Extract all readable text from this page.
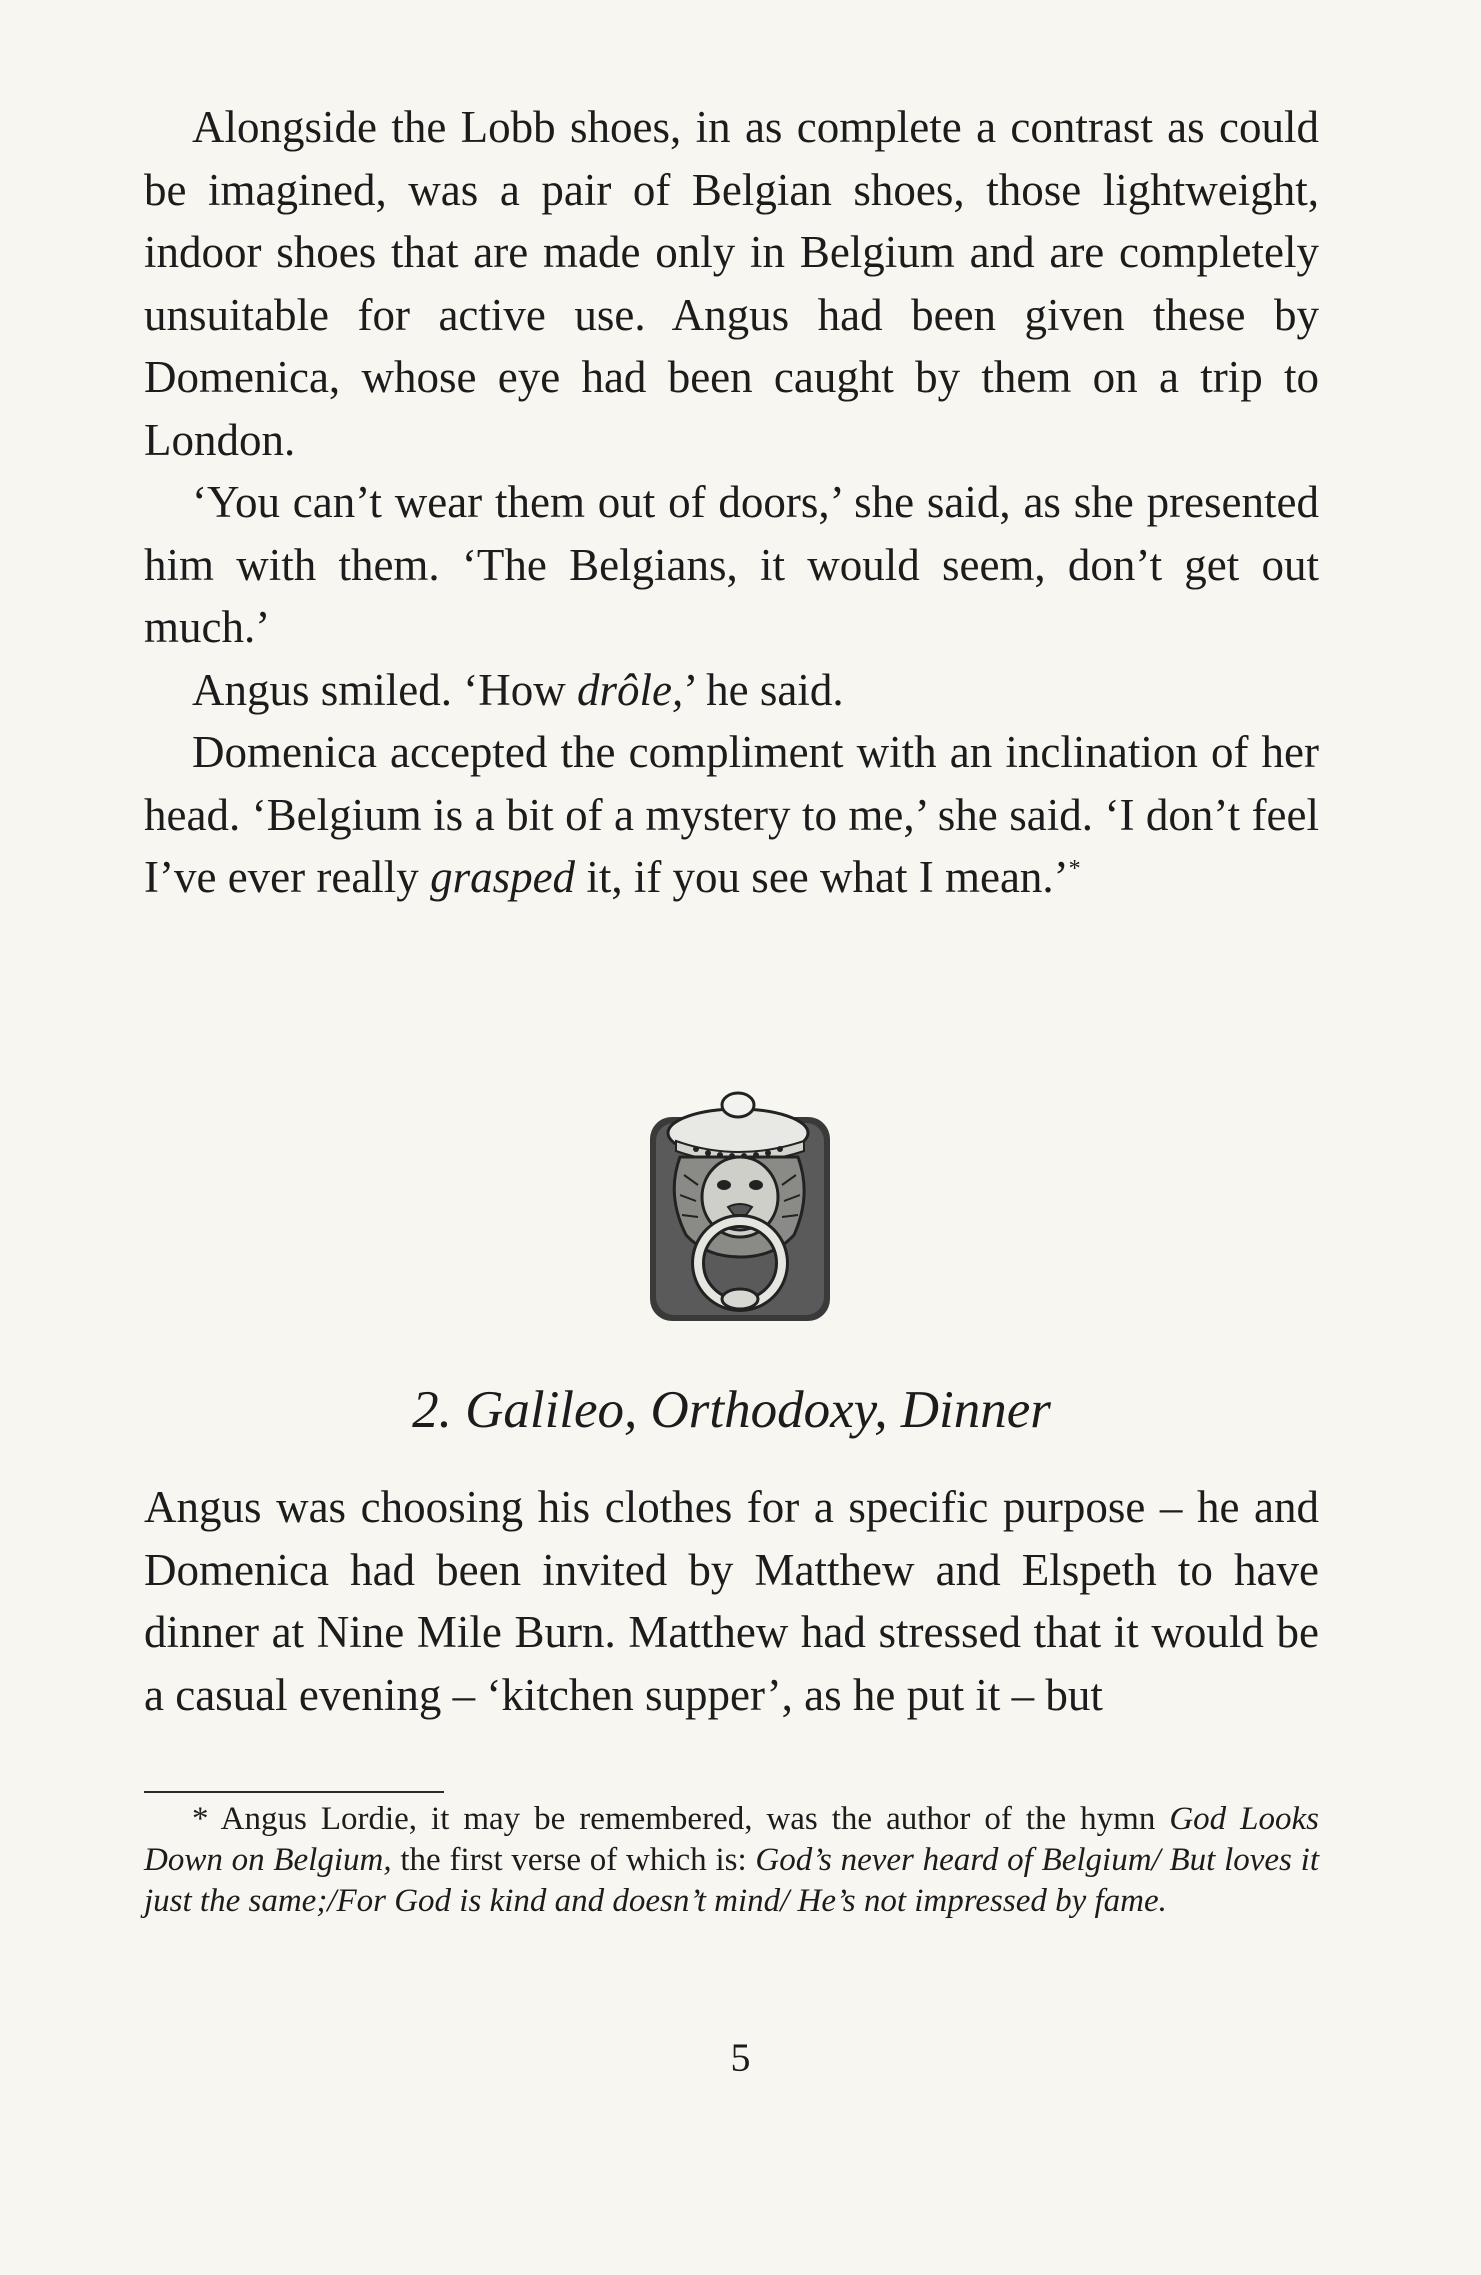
Alongside the Lobb shoes, in as complete a contrast as could be imagined, was a pair of Belgian shoes, those lightweight, indoor shoes that are made only in Belgium and are completely unsuitable for active use. Angus had been given these by Domenica, whose eye had been caught by them on a trip to London.

‘You can’t wear them out of doors,’ she said, as she presented him with them. ‘The Belgians, it would seem, don’t get out much.’

Angus smiled. ‘How drôle,’ he said.

Domenica accepted the compliment with an inclination of her head. ‘Belgium is a bit of a mystery to me,’ she said. ‘I don’t feel I’ve ever really grasped it, if you see what I mean.’*

2. Galileo, Orthodoxy, Dinner

Angus was choosing his clothes for a specific purpose – he and Domenica had been invited by Matthew and Elspeth to have dinner at Nine Mile Burn. Matthew had stressed that it would be a casual evening – ‘kitchen supper’, as he put it – but

* Angus Lordie, it may be remembered, was the author of the hymn God Looks Down on Belgium, the first verse of which is: God’s never heard of Belgium/ But loves it just the same;/For God is kind and doesn’t mind/ He’s not impressed by fame.

5
